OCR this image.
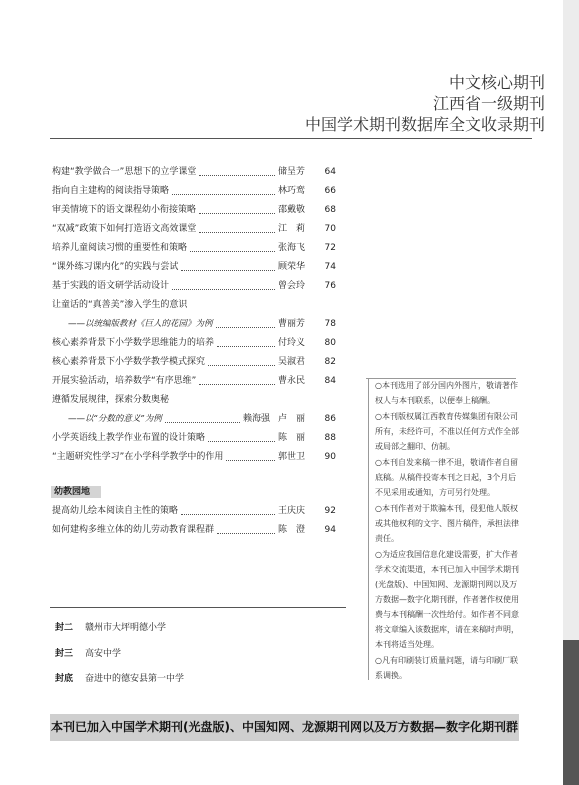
中文核心期刊
江西省一级期刊
中国学术期刊数据库全文收录期刊
构建“教学做合一”思想下的立学课堂	储呈芳	64
指向自主建构的阅读指导策略	林巧鸾	66
审美情境下的语文课程幼小衔接策略	邵戴敬	68
“双减”政策下如何打造语文高效课堂	江　莉	70
培养儿童阅读习惯的重要性和策略	张海飞	72
“课外练习课内化”的实践与尝试	顾荣华	74
基于实践的语文研学活动设计	曾会玲	76
让童话的“真善美”渗入学生的意识
——以统编版教材《巨人的花园》为例	曹丽芳	78
核心素养背景下小学数学思维能力的培养	付玲义	80
核心素养背景下小学数学教学模式探究	吴淑君	82
开展实验活动，培养数学“有序思维”	曹永民	84
遵循发展规律，探索分数奥秘
——以“分数的意义”为例	赖海强 卢　丽	86
小学英语线上教学作业布置的设计策略	陈　丽	88
“主题研究性学习”在小学科学教学中的作用	郭世卫	90
幼教园地
提高幼儿绘本阅读自主性的策略	王庆庆	92
如何建构多维立体的幼儿劳动教育课程群	陈　澄	94

○本刊选用了部分国内外图片，敬请著作权人与本刊联系，以便奉上稿酬。

○本刊版权属江西教育传媒集团有限公司所有，未经许可，不准以任何方式作全部或局部之翻印、仿制。

○本刊自发来稿一律不退，敬请作者自留底稿。从稿件投寄本刊之日起，3个月后不见采用或通知，方可另行处理。

○本刊作者对于欺骗本刊，侵犯他人版权或其他权利的文字、图片稿件，承担法律责任。

○为适应我国信息化建设需要，扩大作者学术交流渠道，本刊已加入中国学术期刊(光盘版)、中国知网、龙源期刊网以及万方数据—数字化期刊群，作者著作权使用费与本刊稿酬一次性给付。如作者不同意将文章编入该数据库，请在来稿时声明，本刊将适当处理。

○凡有印刷装订质量问题，请与印刷厂联系调换。

封二 赣州市大坪明德小学
封三 高安中学
封底 奋进中的德安县第一中学
本刊已加入中国学术期刊(光盘版)、中国知网、龙源期刊网以及万方数据—数字化期刊群
